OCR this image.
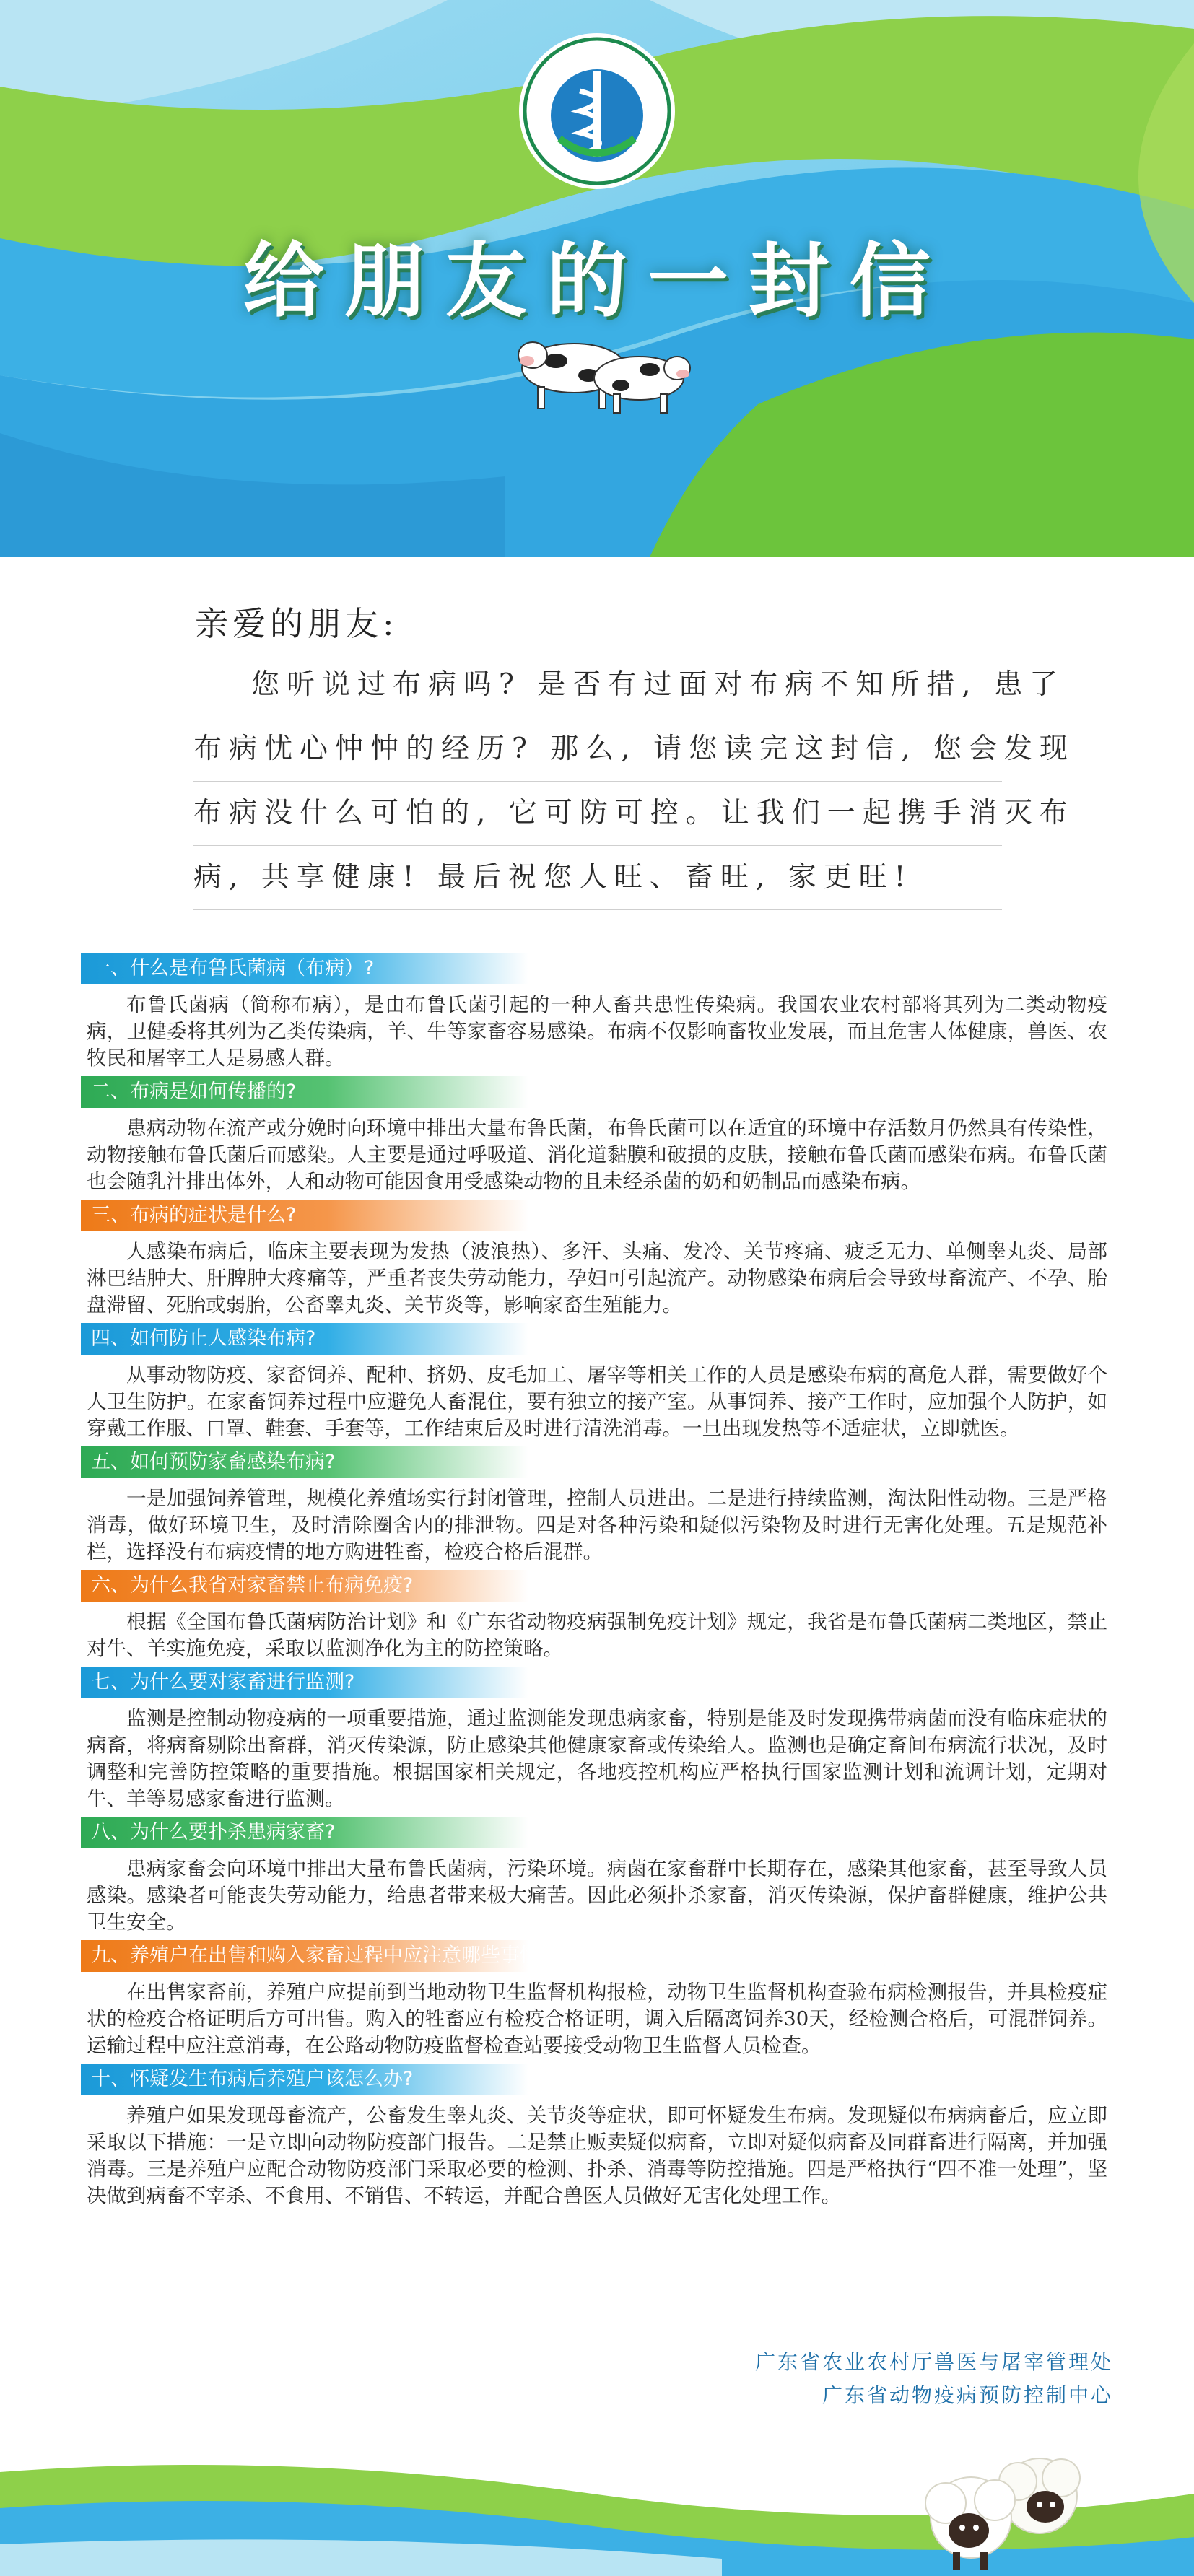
给朋友的一封信
亲爱的朋友:
您听说过布病吗? 是否有过面对布病不知所措, 患了
布病忧心忡忡的经历? 那么, 请您读完这封信, 您会发现
布病没什么可怕的, 它可防可控。让我们一起携手消灭布
病, 共享健康! 最后祝您人旺、畜旺, 家更旺!
一、什么是布鲁氏菌病（布病）?
布鲁氏菌病（简称布病），是由布鲁氏菌引起的一种人畜共患性传染病。我国农业农村部将其列为二类动物疫病，卫健委将其列为乙类传染病，羊、牛等家畜容易感染。布病不仅影响畜牧业发展，而且危害人体健康，兽医、农牧民和屠宰工人是易感人群。
二、布病是如何传播的?
患病动物在流产或分娩时向环境中排出大量布鲁氏菌，布鲁氏菌可以在适宜的环境中存活数月仍然具有传染性，动物接触布鲁氏菌后而感染。人主要是通过呼吸道、消化道黏膜和破损的皮肤，接触布鲁氏菌而感染布病。布鲁氏菌也会随乳汁排出体外，人和动物可能因食用受感染动物的且未经杀菌的奶和奶制品而感染布病。
三、布病的症状是什么?
人感染布病后，临床主要表现为发热（波浪热）、多汗、头痛、发冷、关节疼痛、疲乏无力、单侧睾丸炎、局部淋巴结肿大、肝脾肿大疼痛等，严重者丧失劳动能力，孕妇可引起流产。动物感染布病后会导致母畜流产、不孕、胎盘滞留、死胎或弱胎，公畜睾丸炎、关节炎等，影响家畜生殖能力。
四、如何防止人感染布病?
从事动物防疫、家畜饲养、配种、挤奶、皮毛加工、屠宰等相关工作的人员是感染布病的高危人群，需要做好个人卫生防护。在家畜饲养过程中应避免人畜混住，要有独立的接产室。从事饲养、接产工作时，应加强个人防护，如穿戴工作服、口罩、鞋套、手套等，工作结束后及时进行清洗消毒。一旦出现发热等不适症状，立即就医。
五、如何预防家畜感染布病?
一是加强饲养管理，规模化养殖场实行封闭管理，控制人员进出。二是进行持续监测，淘汰阳性动物。三是严格消毒，做好环境卫生，及时清除圈舍内的排泄物。四是对各种污染和疑似污染物及时进行无害化处理。五是规范补栏，选择没有布病疫情的地方购进牲畜，检疫合格后混群。
六、为什么我省对家畜禁止布病免疫?
根据《全国布鲁氏菌病防治计划》和《广东省动物疫病强制免疫计划》规定，我省是布鲁氏菌病二类地区，禁止对牛、羊实施免疫，采取以监测净化为主的防控策略。
七、为什么要对家畜进行监测?
监测是控制动物疫病的一项重要措施，通过监测能发现患病家畜，特别是能及时发现携带病菌而没有临床症状的病畜，将病畜剔除出畜群，消灭传染源，防止感染其他健康家畜或传染给人。监测也是确定畜间布病流行状况，及时调整和完善防控策略的重要措施。根据国家相关规定，各地疫控机构应严格执行国家监测计划和流调计划，定期对牛、羊等易感家畜进行监测。
八、为什么要扑杀患病家畜?
患病家畜会向环境中排出大量布鲁氏菌病，污染环境。病菌在家畜群中长期存在，感染其他家畜，甚至导致人员感染。感染者可能丧失劳动能力，给患者带来极大痛苦。因此必须扑杀家畜，消灭传染源，保护畜群健康，维护公共卫生安全。
九、养殖户在出售和购入家畜过程中应注意哪些事情?
在出售家畜前，养殖户应提前到当地动物卫生监督机构报检，动物卫生监督机构查验布病检测报告，并具检疫症状的检疫合格证明后方可出售。购入的牲畜应有检疫合格证明，调入后隔离饲养30天，经检测合格后，可混群饲养。运输过程中应注意消毒，在公路动物防疫监督检查站要接受动物卫生监督人员检查。
十、怀疑发生布病后养殖户该怎么办?
养殖户如果发现母畜流产，公畜发生睾丸炎、关节炎等症状，即可怀疑发生布病。发现疑似布病病畜后，应立即采取以下措施：一是立即向动物防疫部门报告。二是禁止贩卖疑似病畜，立即对疑似病畜及同群畜进行隔离，并加强消毒。三是养殖户应配合动物防疫部门采取必要的检测、扑杀、消毒等防控措施。四是严格执行“四不准一处理”，坚决做到病畜不宰杀、不食用、不销售、不转运，并配合兽医人员做好无害化处理工作。
广东省农业农村厅兽医与屠宰管理处
广东省动物疫病预防控制中心
